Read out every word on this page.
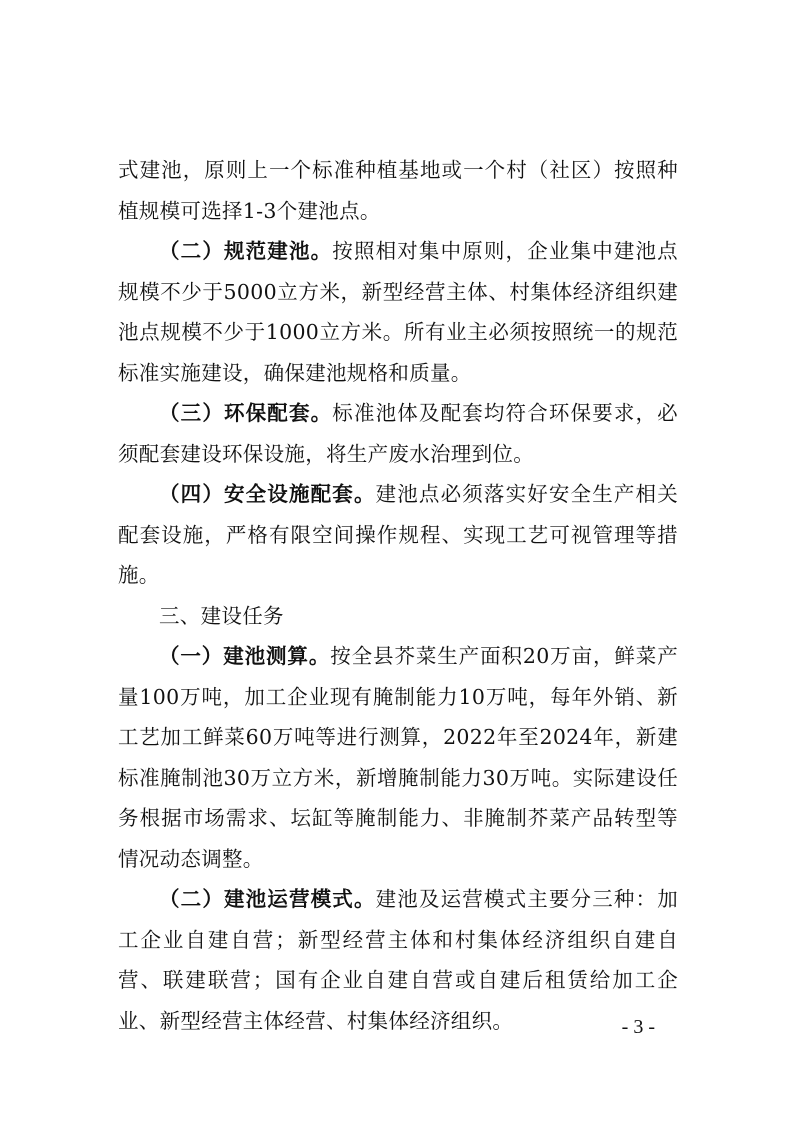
式建池，原则上一个标准种植基地或一个村（社区）按照种植规模可选择1-3个建池点。

（二）规范建池。按照相对集中原则，企业集中建池点规模不少于5000立方米，新型经营主体、村集体经济组织建池点规模不少于1000立方米。所有业主必须按照统一的规范标准实施建设，确保建池规格和质量。

（三）环保配套。标准池体及配套均符合环保要求，必须配套建设环保设施，将生产废水治理到位。

（四）安全设施配套。建池点必须落实好安全生产相关配套设施，严格有限空间操作规程、实现工艺可视管理等措施。

三、建设任务

（一）建池测算。按全县芥菜生产面积20万亩，鲜菜产量100万吨，加工企业现有腌制能力10万吨，每年外销、新工艺加工鲜菜60万吨等进行测算，2022年至2024年，新建标准腌制池30万立方米，新增腌制能力30万吨。实际建设任务根据市场需求、坛缸等腌制能力、非腌制芥菜产品转型等情况动态调整。

（二）建池运营模式。建池及运营模式主要分三种：加工企业自建自营；新型经营主体和村集体经济组织自建自营、联建联营；国有企业自建自营或自建后租赁给加工企业、新型经营主体经营、村集体经济组织。	- 3 -
